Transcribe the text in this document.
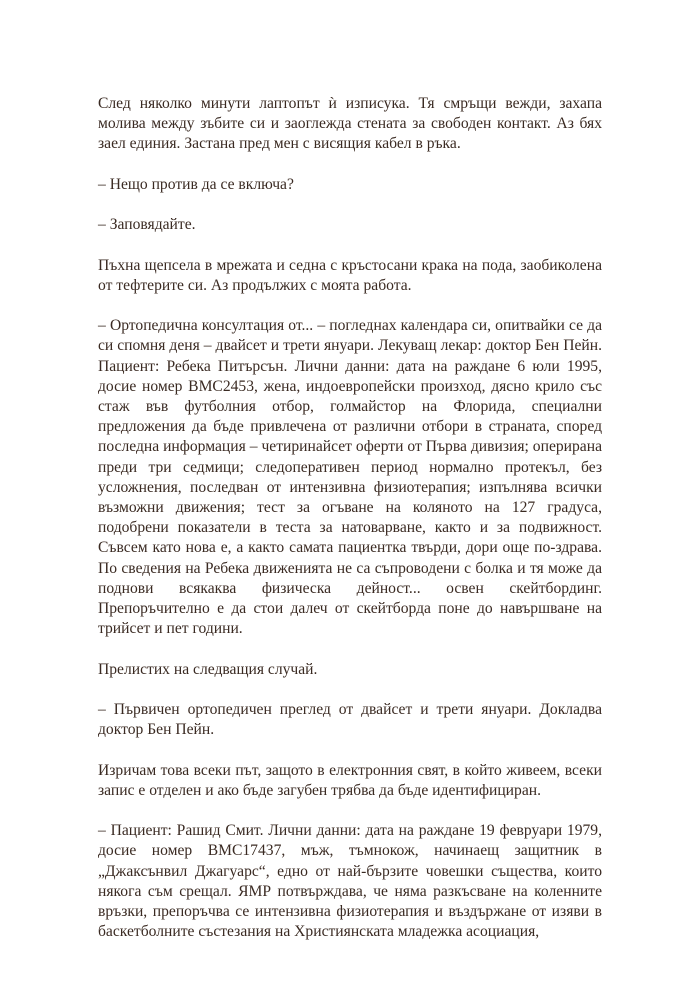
След няколко минути лаптопът ѝ изписука. Тя смръщи вежди, захапа молива между зъбите си и заоглежда стената за свободен контакт. Аз бях заел единия. Застана пред мен с висящия кабел в ръка.

– Нещо против да се включа?

– Заповядайте.

Пъхна щепсела в мрежата и седна с кръстосани крака на пода, заобиколена от тефтерите си. Аз продължих с моята работа.

– Ортопедична консултация от... – погледнах календара си, опитвайки се да си спомня деня – двайсет и трети януари. Лекуващ лекар: доктор Бен Пейн. Пациент: Ребека Питърсън. Лични данни: дата на раждане 6 юли 1995, досие номер BMC2453, жена, индоевропейски произход, дясно крило със стаж във футболния отбор, голмайстор на Флорида, специални предложения да бъде привлечена от различни отбори в страната, според последна информация – четиринайсет оферти от Първа дивизия; оперирана преди три седмици; следоперативен период нормално протекъл, без усложнения, последван от интензивна физиотерапия; изпълнява всички възможни движения; тест за огъване на коляното на 127 градуса, подобрени показатели в теста за натоварване, както и за подвижност. Съвсем като нова е, а както самата пациентка твърди, дори още по-здрава. По сведения на Ребека движенията не са съпроводени с болка и тя може да поднови всякаква физическа дейност... освен скейтбординг. Препоръчително е да стои далеч от скейтборда поне до навършване на трийсет и пет години.

Прелистих на следващия случай.

– Първичен ортопедичен преглед от двайсет и трети януари. Докладва доктор Бен Пейн.

Изричам това всеки път, защото в електронния свят, в който живеем, всеки запис е отделен и ако бъде загубен трябва да бъде идентифициран.

– Пациент: Рашид Смит. Лични данни: дата на раждане 19 февруари 1979, досие номер BMC17437, мъж, тъмнокож, начинаещ защитник в „Джаксънвил Джагуарс“, едно от най-бързите човешки същества, които някога съм срещал. ЯМР потвърждава, че няма разкъсване на коленните връзки, препоръчва се интензивна физиотерапия и въздържане от изяви в баскетболните състезания на Християнската младежка асоциация,
